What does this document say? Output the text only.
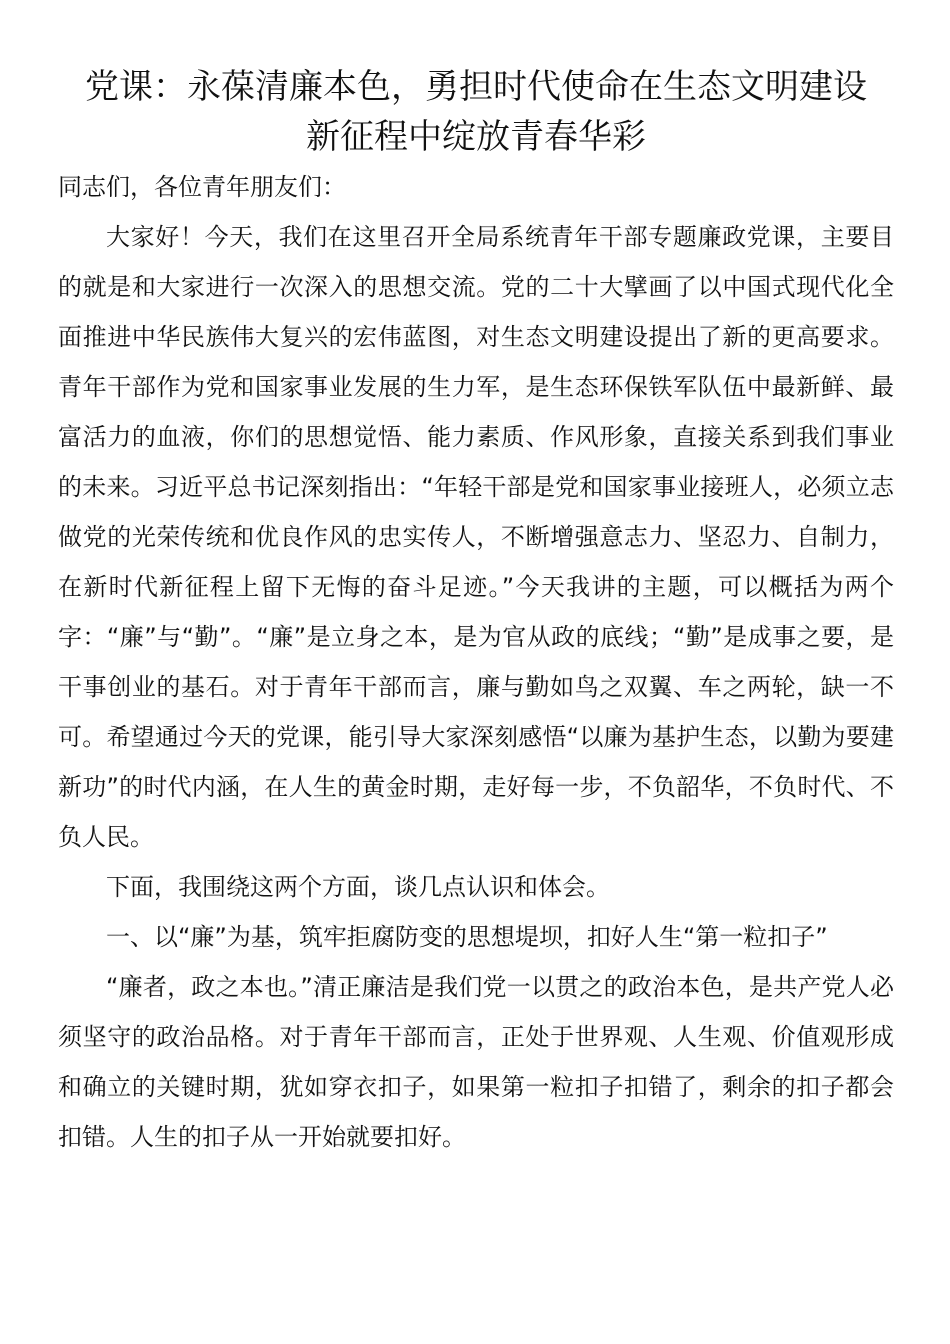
党课：永葆清廉本色，勇担时代使命在生态文明建设
新征程中绽放青春华彩

同志们，各位青年朋友们：

大家好！今天，我们在这里召开全局系统青年干部专题廉政党课，主要目的就是和大家进行一次深入的思想交流。党的二十大擘画了以中国式现代化全面推进中华民族伟大复兴的宏伟蓝图，对生态文明建设提出了新的更高要求。青年干部作为党和国家事业发展的生力军，是生态环保铁军队伍中最新鲜、最富活力的血液，你们的思想觉悟、能力素质、作风形象，直接关系到我们事业的未来。习近平总书记深刻指出：“年轻干部是党和国家事业接班人，必须立志做党的光荣传统和优良作风的忠实传人，不断增强意志力、坚忍力、自制力，在新时代新征程上留下无悔的奋斗足迹。”今天我讲的主题，可以概括为两个字：“廉”与“勤”。“廉”是立身之本，是为官从政的底线；“勤”是成事之要，是干事创业的基石。对于青年干部而言，廉与勤如鸟之双翼、车之两轮，缺一不可。希望通过今天的党课，能引导大家深刻感悟“以廉为基护生态，以勤为要建新功”的时代内涵，在人生的黄金时期，走好每一步，不负韶华，不负时代、不负人民。

下面，我围绕这两个方面，谈几点认识和体会。

一、以“廉”为基，筑牢拒腐防变的思想堤坝，扣好人生“第一粒扣子”

“廉者，政之本也。”清正廉洁是我们党一以贯之的政治本色，是共产党人必须坚守的政治品格。对于青年干部而言，正处于世界观、人生观、价值观形成和确立的关键时期，犹如穿衣扣子，如果第一粒扣子扣错了，剩余的扣子都会扣错。人生的扣子从一开始就要扣好。
